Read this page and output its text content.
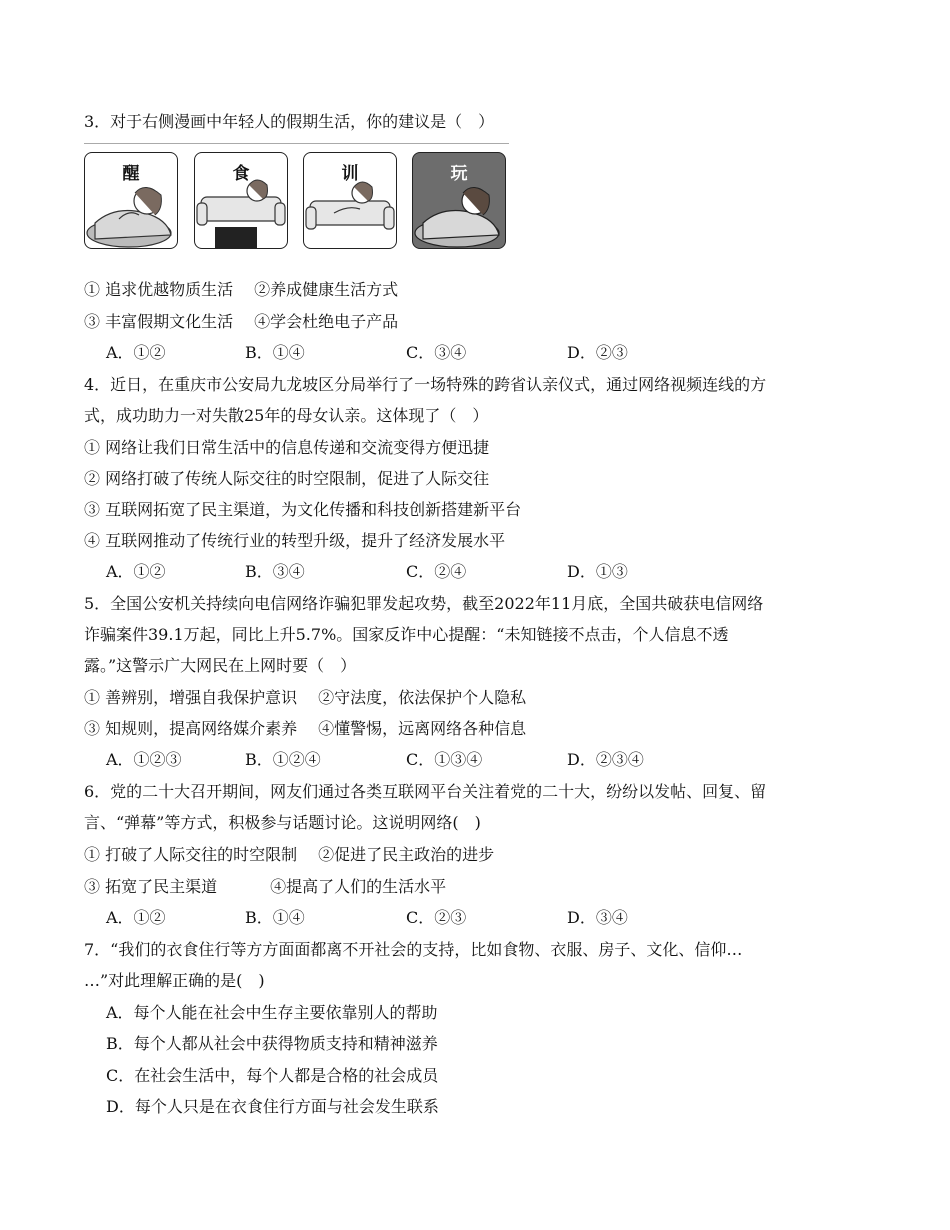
3．对于右侧漫画中年轻人的假期生活，你的建议是（　）
醒	食	训	玩
① 追求优越物质生活　 ②养成健康生活方式
③ 丰富假期文化生活　 ④学会杜绝电子产品
A．①②	B．①④	C．③④	D．②③
4．近日，在重庆市公安局九龙坡区分局举行了一场特殊的跨省认亲仪式，通过网络视频连线的方
式，成功助力一对失散25年的母女认亲。这体现了（　）
① 网络让我们日常生活中的信息传递和交流变得方便迅捷
② 网络打破了传统人际交往的时空限制，促进了人际交往
③ 互联网拓宽了民主渠道，为文化传播和科技创新搭建新平台
④ 互联网推动了传统行业的转型升级，提升了经济发展水平
A．①②	B．③④	C．②④	D．①③
5．全国公安机关持续向电信网络诈骗犯罪发起攻势，截至2022年11月底，全国共破获电信网络
诈骗案件39.1万起，同比上升5.7%。国家反诈中心提醒：“未知链接不点击，个人信息不透
露。”这警示广大网民在上网时要（　）
① 善辨别，增强自我保护意识　 ②守法度，依法保护个人隐私
③ 知规则，提高网络媒介素养　 ④懂警惕，远离网络各种信息
A．①②③	B．①②④	C．①③④	D．②③④
6．党的二十大召开期间，网友们通过各类互联网平台关注着党的二十大，纷纷以发帖、回复、留
言、“弹幕”等方式，积极参与话题讨论。这说明网络(　)
① 打破了人际交往的时空限制　 ②促进了民主政治的进步
③ 拓宽了民主渠道　　　 ④提高了人们的生活水平
A．①②	B．①④	C．②③	D．③④
7．“我们的衣食住行等方方面面都离不开社会的支持，比如食物、衣服、房子、文化、信仰…
…”对此理解正确的是(　)
A．每个人能在社会中生存主要依靠别人的帮助
B．每个人都从社会中获得物质支持和精神滋养
C．在社会生活中，每个人都是合格的社会成员
D．每个人只是在衣食住行方面与社会发生联系
